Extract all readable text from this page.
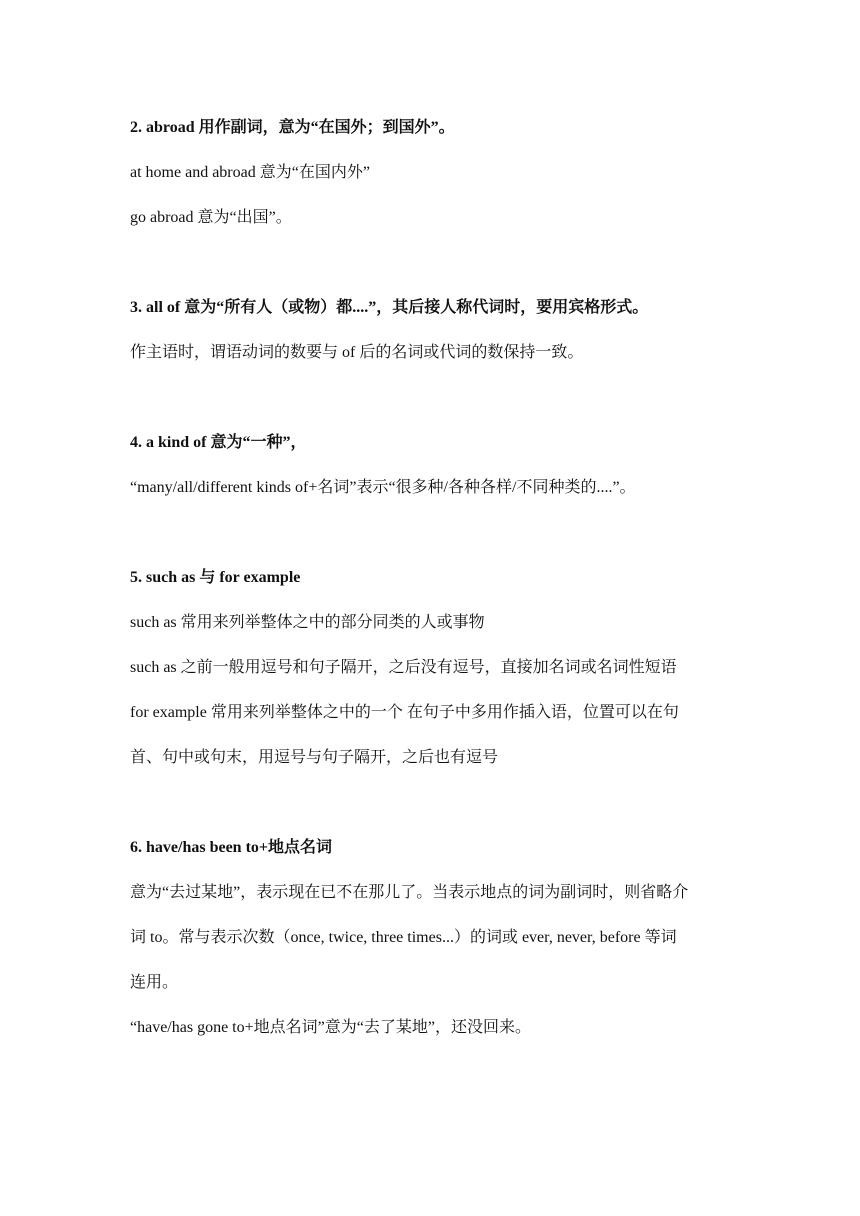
2. abroad 用作副词，意为“在国外；到国外”。
at home and abroad 意为“在国内外”
go abroad 意为“出国”。
3. all of 意为“所有人（或物）都....”，其后接人称代词时，要用宾格形式。
作主语时，谓语动词的数要与 of 后的名词或代词的数保持一致。
4. a kind of 意为“一种”，
“many/all/different kinds of+名词”表示“很多种/各种各样/不同种类的....”。
5. such as 与 for example
such as 常用来列举整体之中的部分同类的人或事物
such as 之前一般用逗号和句子隔开，之后没有逗号，直接加名词或名词性短语
for example 常用来列举整体之中的一个 在句子中多用作插入语，位置可以在句
首、句中或句末，用逗号与句子隔开，之后也有逗号
6. have/has been to+地点名词
意为“去过某地”，表示现在已不在那儿了。当表示地点的词为副词时，则省略介
词 to。常与表示次数（once, twice, three times...）的词或 ever, never, before 等词
连用。
“have/has gone to+地点名词”意为“去了某地”，还没回来。
